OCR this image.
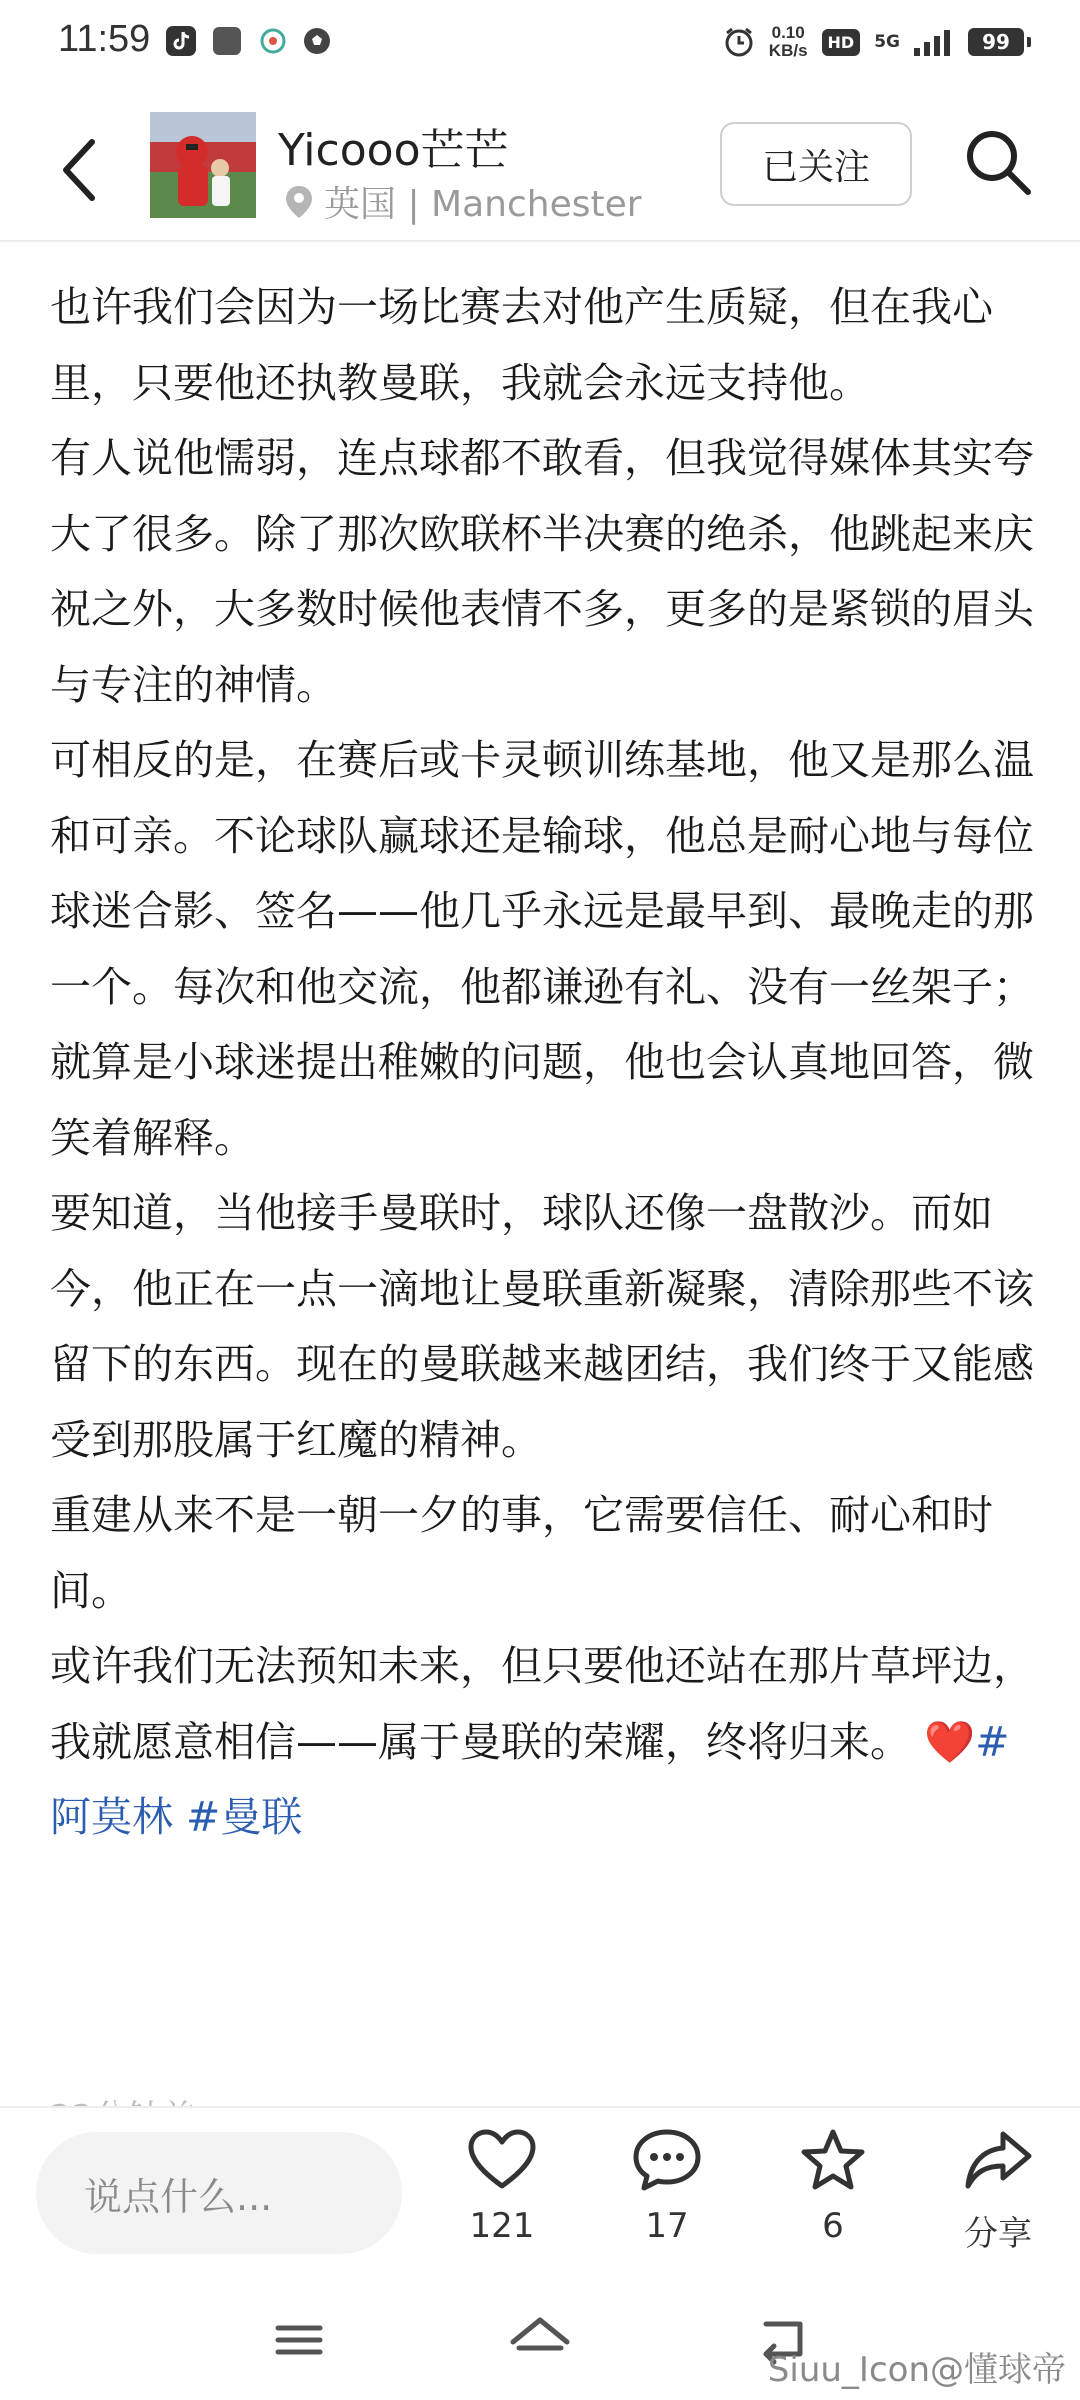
11:59	0.10
KB/s	HD	5G	99
Yicooo芒芒
英国 | Manchester
已关注

也许我们会因为一场比赛去对他产生质疑，但在我心里，只要他还执教曼联，我就会永远支持他。

有人说他懦弱，连点球都不敢看，但我觉得媒体其实夸大了很多。除了那次欧联杯半决赛的绝杀，他跳起来庆祝之外，大多数时候他表情不多，更多的是紧锁的眉头与专注的神情。

可相反的是，在赛后或卡灵顿训练基地，他又是那么温和可亲。不论球队赢球还是输球，他总是耐心地与每位球迷合影、签名——他几乎永远是最早到、最晚走的那一个。每次和他交流，他都谦逊有礼、没有一丝架子；就算是小球迷提出稚嫩的问题，他也会认真地回答，微笑着解释。

要知道，当他接手曼联时，球队还像一盘散沙。而如今，他正在一点一滴地让曼联重新凝聚，清除那些不该留下的东西。现在的曼联越来越团结，我们终于又能感受到那股属于红魔的精神。

重建从来不是一朝一夕的事，它需要信任、耐心和时间。

或许我们无法预知未来，但只要他还站在那片草坪边，我就愿意相信——属于曼联的荣耀，终将归来。 ❤️#阿莫林 #曼联

说点什么...
121	17	6	分享
Siuu_Icon@懂球帝
